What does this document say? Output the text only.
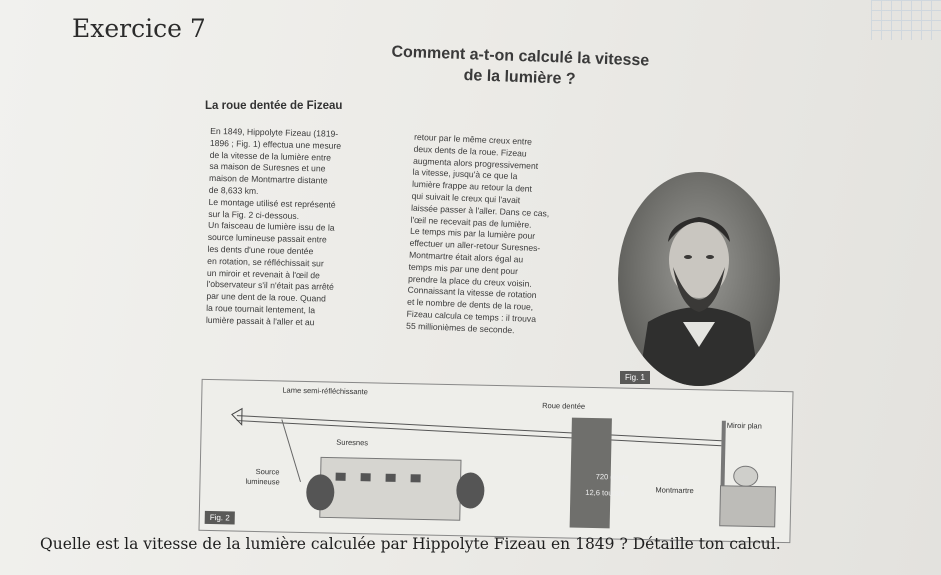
Exercice 7
Comment a-t-on calculé la vitesse
de la lumière ?
La roue dentée de Fizeau

En 1849, Hippolyte Fizeau (1819-

1896 ; Fig. 1) effectua une mesure

de la vitesse de la lumière entre

sa maison de Suresnes et une

maison de Montmartre distante

de 8,633 km.

Le montage utilisé est représenté

sur la Fig. 2 ci-dessous.

Un faisceau de lumière issu de la

source lumineuse passait entre

les dents d'une roue dentée

en rotation, se réfléchissait sur

un miroir et revenait à l'œil de

l'observateur s'il n'était pas arrêté

par une dent de la roue. Quand

la roue tournait lentement, la

lumière passait à l'aller et au

retour par le même creux entre

deux dents de la roue. Fizeau

augmenta alors progressivement

la vitesse, jusqu'à ce que la

lumière frappe au retour la dent

qui suivait le creux qui l'avait

laissée passer à l'aller. Dans ce cas,

l'œil ne recevait pas de lumière.

Le temps mis par la lumière pour

effectuer un aller-retour Suresnes-

Montmartre était alors égal au

temps mis par une dent pour

prendre la place du creux voisin.

Connaissant la vitesse de rotation

et le nombre de dents de la roue,

Fizeau calcula ce temps : il trouva

55 millionièmes de seconde.

Fig. 1
Lame semi-réfléchissante
Roue dentée
Miroir plan
Suresnes
Source
lumineuse	720 dents
12,6 tours/s	Montmartre
Fig. 2
Quelle est la vitesse de la lumière calculée par Hippolyte Fizeau en 1849 ? Détaille ton calcul.
